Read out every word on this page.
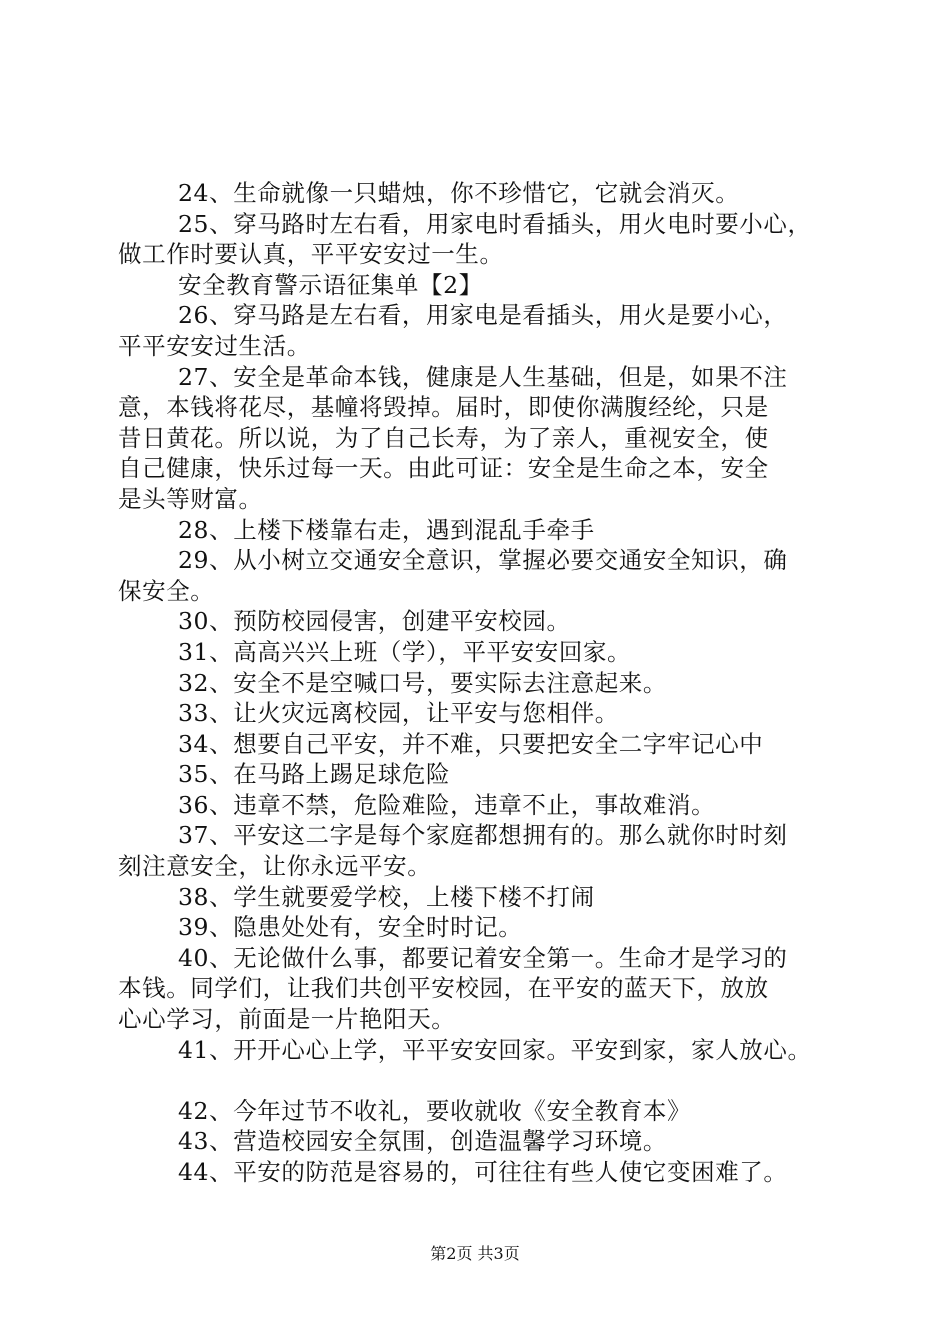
24、生命就像一只蜡烛，你不珍惜它，它就会消灭。
25、穿马路时左右看，用家电时看插头，用火电时要小心，
做工作时要认真，平平安安过一生。
安全教育警示语征集单【2】
26、穿马路是左右看，用家电是看插头，用火是要小心，
平平安安过生活。
27、安全是革命本钱，健康是人生基础，但是，如果不注
意，本钱将花尽，基幢将毁掉。届时，即使你满腹经纶，只是
昔日黄花。所以说，为了自己长寿，为了亲人，重视安全，使
自己健康，快乐过每一天。由此可证：安全是生命之本，安全
是头等财富。
28、上楼下楼靠右走，遇到混乱手牵手
29、从小树立交通安全意识，掌握必要交通安全知识，确
保安全。
30、预防校园侵害，创建平安校园。
31、高高兴兴上班（学），平平安安回家。
32、安全不是空喊口号，要实际去注意起来。
33、让火灾远离校园，让平安与您相伴。
34、想要自己平安，并不难，只要把安全二字牢记心中
35、在马路上踢足球危险
36、违章不禁，危险难险，违章不止，事故难消。
37、平安这二字是每个家庭都想拥有的。那么就你时时刻
刻注意安全，让你永远平安。
38、学生就要爱学校，上楼下楼不打闹
39、隐患处处有，安全时时记。
40、无论做什么事，都要记着安全第一。生命才是学习的
本钱。同学们，让我们共创平安校园，在平安的蓝天下，放放
心心学习，前面是一片艳阳天。
41、开开心心上学，平平安安回家。平安到家，家人放心。
42、今年过节不收礼，要收就收《安全教育本》
43、营造校园安全氛围，创造温馨学习环境。
44、平安的防范是容易的，可往往有些人使它变困难了。
第2页 共3页
